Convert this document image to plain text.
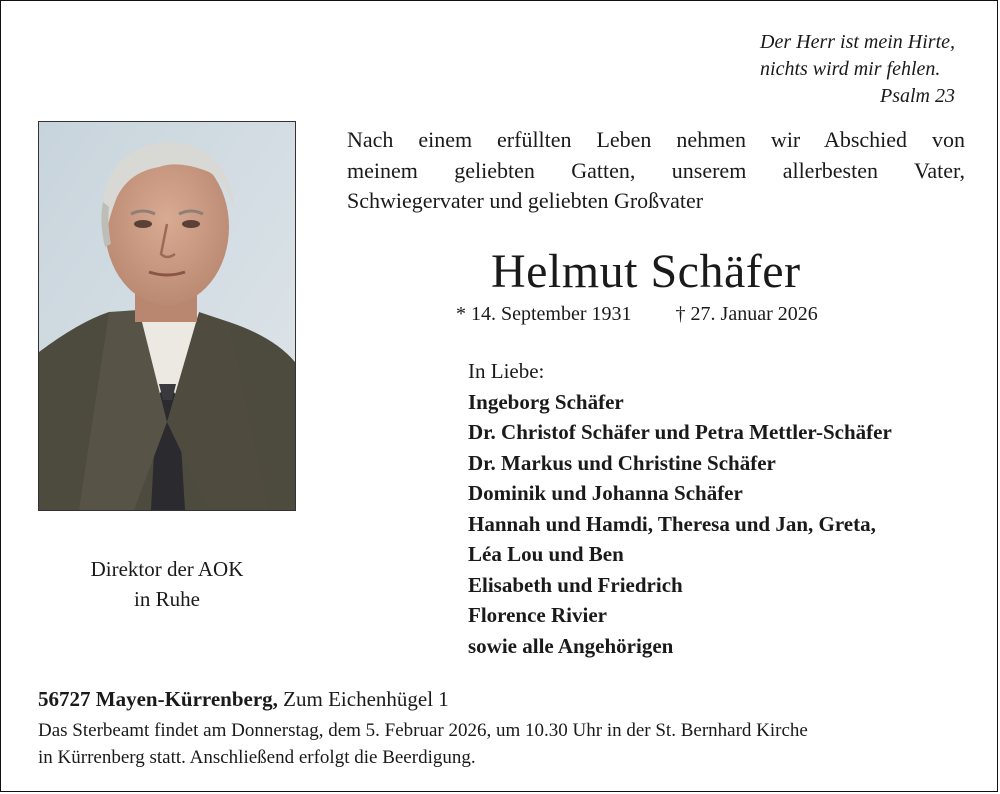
Der Herr ist mein Hirte,
nichts wird mir fehlen.
Psalm 23
Direktor der AOK
in Ruhe
Nach einem erfüllten Leben nehmen wir Abschied von
meinem geliebten Gatten, unserem allerbesten Vater,
Schwiegervater und geliebten Großvater
Helmut Schäfer
* 14. September 1931 † 27. Januar 2026
In Liebe:
Ingeborg Schäfer
Dr. Christof Schäfer und Petra Mettler-Schäfer
Dr. Markus und Christine Schäfer
Dominik und Johanna Schäfer
Hannah und Hamdi, Theresa und Jan, Greta,
Léa Lou und Ben
Elisabeth und Friedrich
Florence Rivier
sowie alle Angehörigen
56727 Mayen-Kürrenberg, Zum Eichenhügel 1
Das Sterbeamt findet am Donnerstag, dem 5. Februar 2026, um 10.30 Uhr in der St. Bernhard Kirche
in Kürrenberg statt. Anschließend erfolgt die Beerdigung.
